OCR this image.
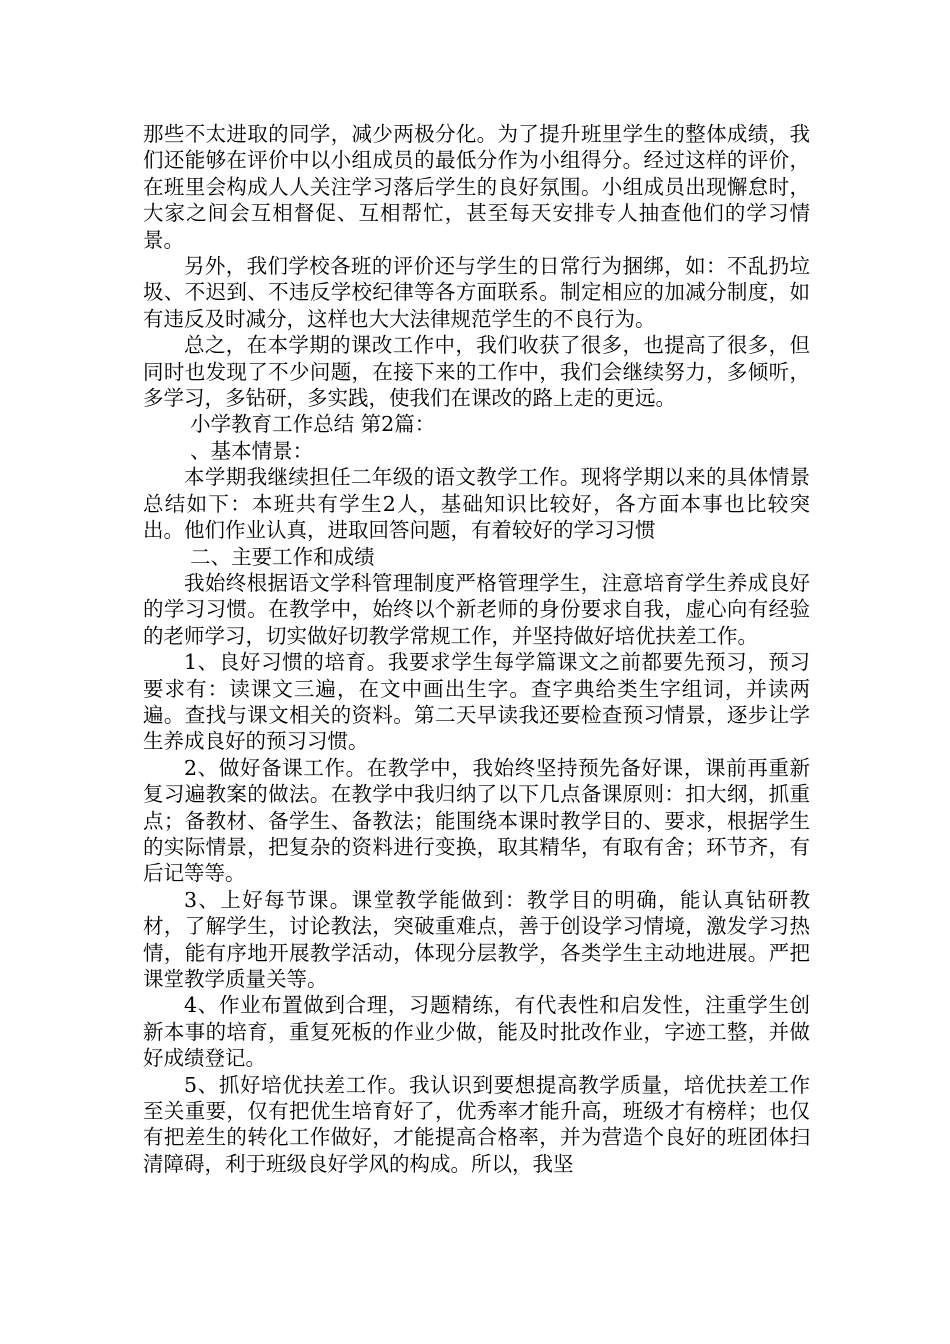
那些不太进取的同学，减少两极分化。为了提升班里学生的整体成绩，我们还能够在评价中以小组成员的最低分作为小组得分。经过这样的评价，在班里会构成人人关注学习落后学生的良好氛围。小组成员出现懈怠时，大家之间会互相督促、互相帮忙，甚至每天安排专人抽查他们的学习情景。

另外，我们学校各班的评价还与学生的日常行为捆绑，如：不乱扔垃圾、不迟到、不违反学校纪律等各方面联系。制定相应的加减分制度，如有违反及时减分，这样也大大法律规范学生的不良行为。

总之，在本学期的课改工作中，我们收获了很多，也提高了很多，但同时也发现了不少问题，在接下来的工作中，我们会继续努力，多倾听，多学习，多钻研，多实践，使我们在课改的路上走的更远。

小学教育工作总结 第2篇：

、基本情景：

本学期我继续担任二年级的语文教学工作。现将学期以来的具体情景总结如下：本班共有学生2人，基础知识比较好，各方面本事也比较突出。他们作业认真，进取回答问题，有着较好的学习习惯

二、主要工作和成绩

我始终根据语文学科管理制度严格管理学生，注意培育学生养成良好的学习习惯。在教学中，始终以个新老师的身份要求自我，虚心向有经验的老师学习，切实做好切教学常规工作，并坚持做好培优扶差工作。

1、良好习惯的培育。我要求学生每学篇课文之前都要先预习，预习要求有：读课文三遍，在文中画出生字。查字典给类生字组词，并读两遍。查找与课文相关的资料。第二天早读我还要检查预习情景，逐步让学生养成良好的预习习惯。

2、做好备课工作。在教学中，我始终坚持预先备好课，课前再重新复习遍教案的做法。在教学中我归纳了以下几点备课原则：扣大纲，抓重点；备教材、备学生、备教法；能围绕本课时教学目的、要求，根据学生的实际情景，把复杂的资料进行变换，取其精华，有取有舍；环节齐，有后记等等。

3、上好每节课。课堂教学能做到：教学目的明确，能认真钻研教材，了解学生，讨论教法，突破重难点，善于创设学习情境，激发学习热情，能有序地开展教学活动，体现分层教学，各类学生主动地进展。严把课堂教学质量关等。

4、作业布置做到合理，习题精练，有代表性和启发性，注重学生创新本事的培育，重复死板的作业少做，能及时批改作业，字迹工整，并做好成绩登记。

5、抓好培优扶差工作。我认识到要想提高教学质量，培优扶差工作至关重要，仅有把优生培育好了，优秀率才能升高，班级才有榜样；也仅有把差生的转化工作做好，才能提高合格率，并为营造个良好的班团体扫清障碍，利于班级良好学风的构成。所以，我坚
